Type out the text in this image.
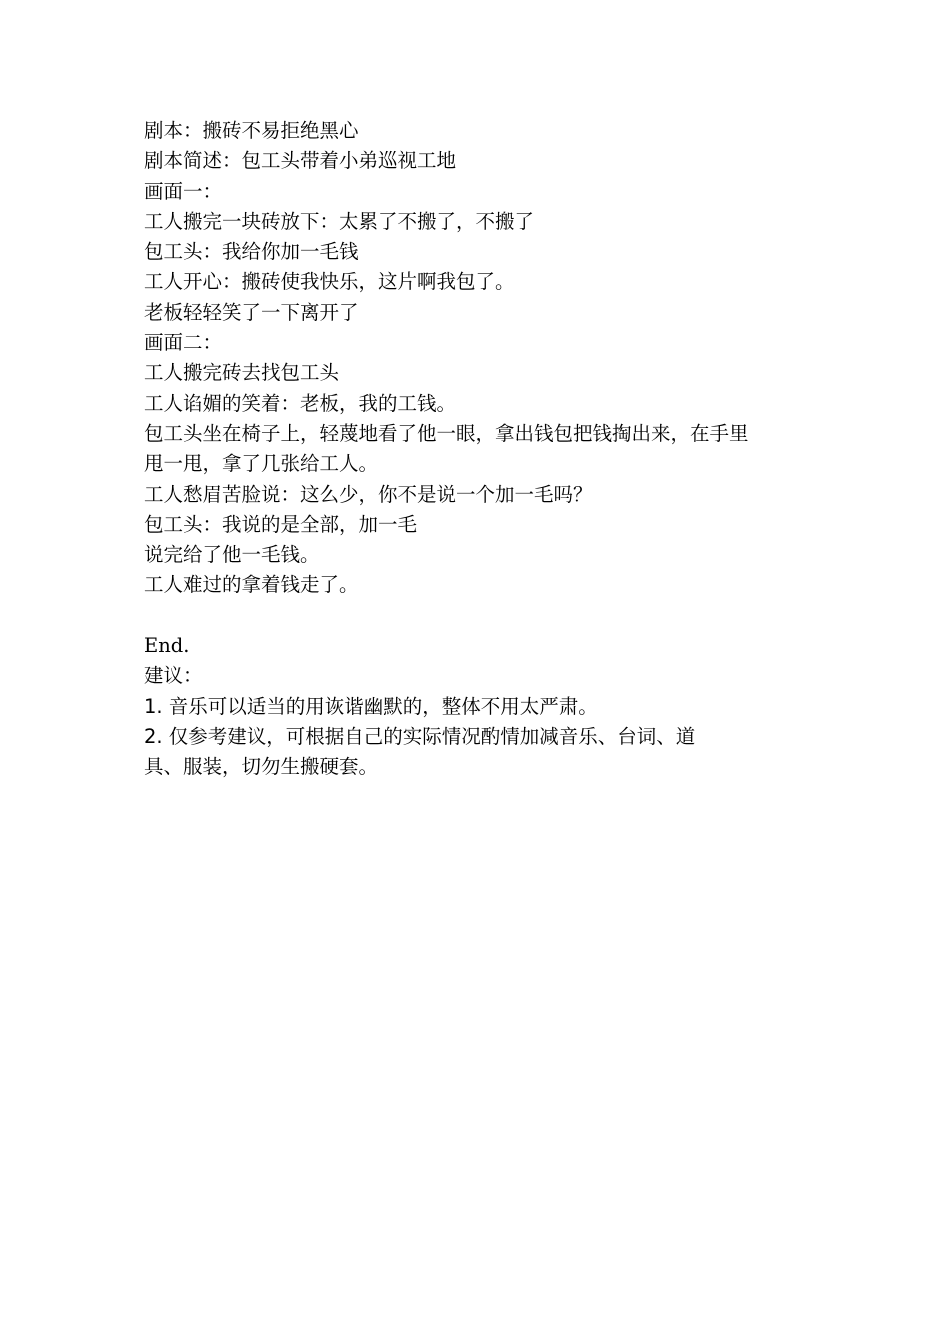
剧本：搬砖不易拒绝黑心
剧本简述：包工头带着小弟巡视工地
画面一：
工人搬完一块砖放下：太累了不搬了，不搬了
包工头：我给你加一毛钱
工人开心：搬砖使我快乐，这片啊我包了。
老板轻轻笑了一下离开了
画面二：
工人搬完砖去找包工头
工人谄媚的笑着：老板，我的工钱。
包工头坐在椅子上，轻蔑地看了他一眼，拿出钱包把钱掏出来，在手里
甩一甩，拿了几张给工人。
工人愁眉苦脸说：这么少，你不是说一个加一毛吗？
包工头：我说的是全部，加一毛
说完给了他一毛钱。
工人难过的拿着钱走了。
End.
建议：
1. 音乐可以适当的用诙谐幽默的，整体不用太严肃。
2. 仅参考建议，可根据自己的实际情况酌情加减音乐、台词、道
具、服装，切勿生搬硬套。
